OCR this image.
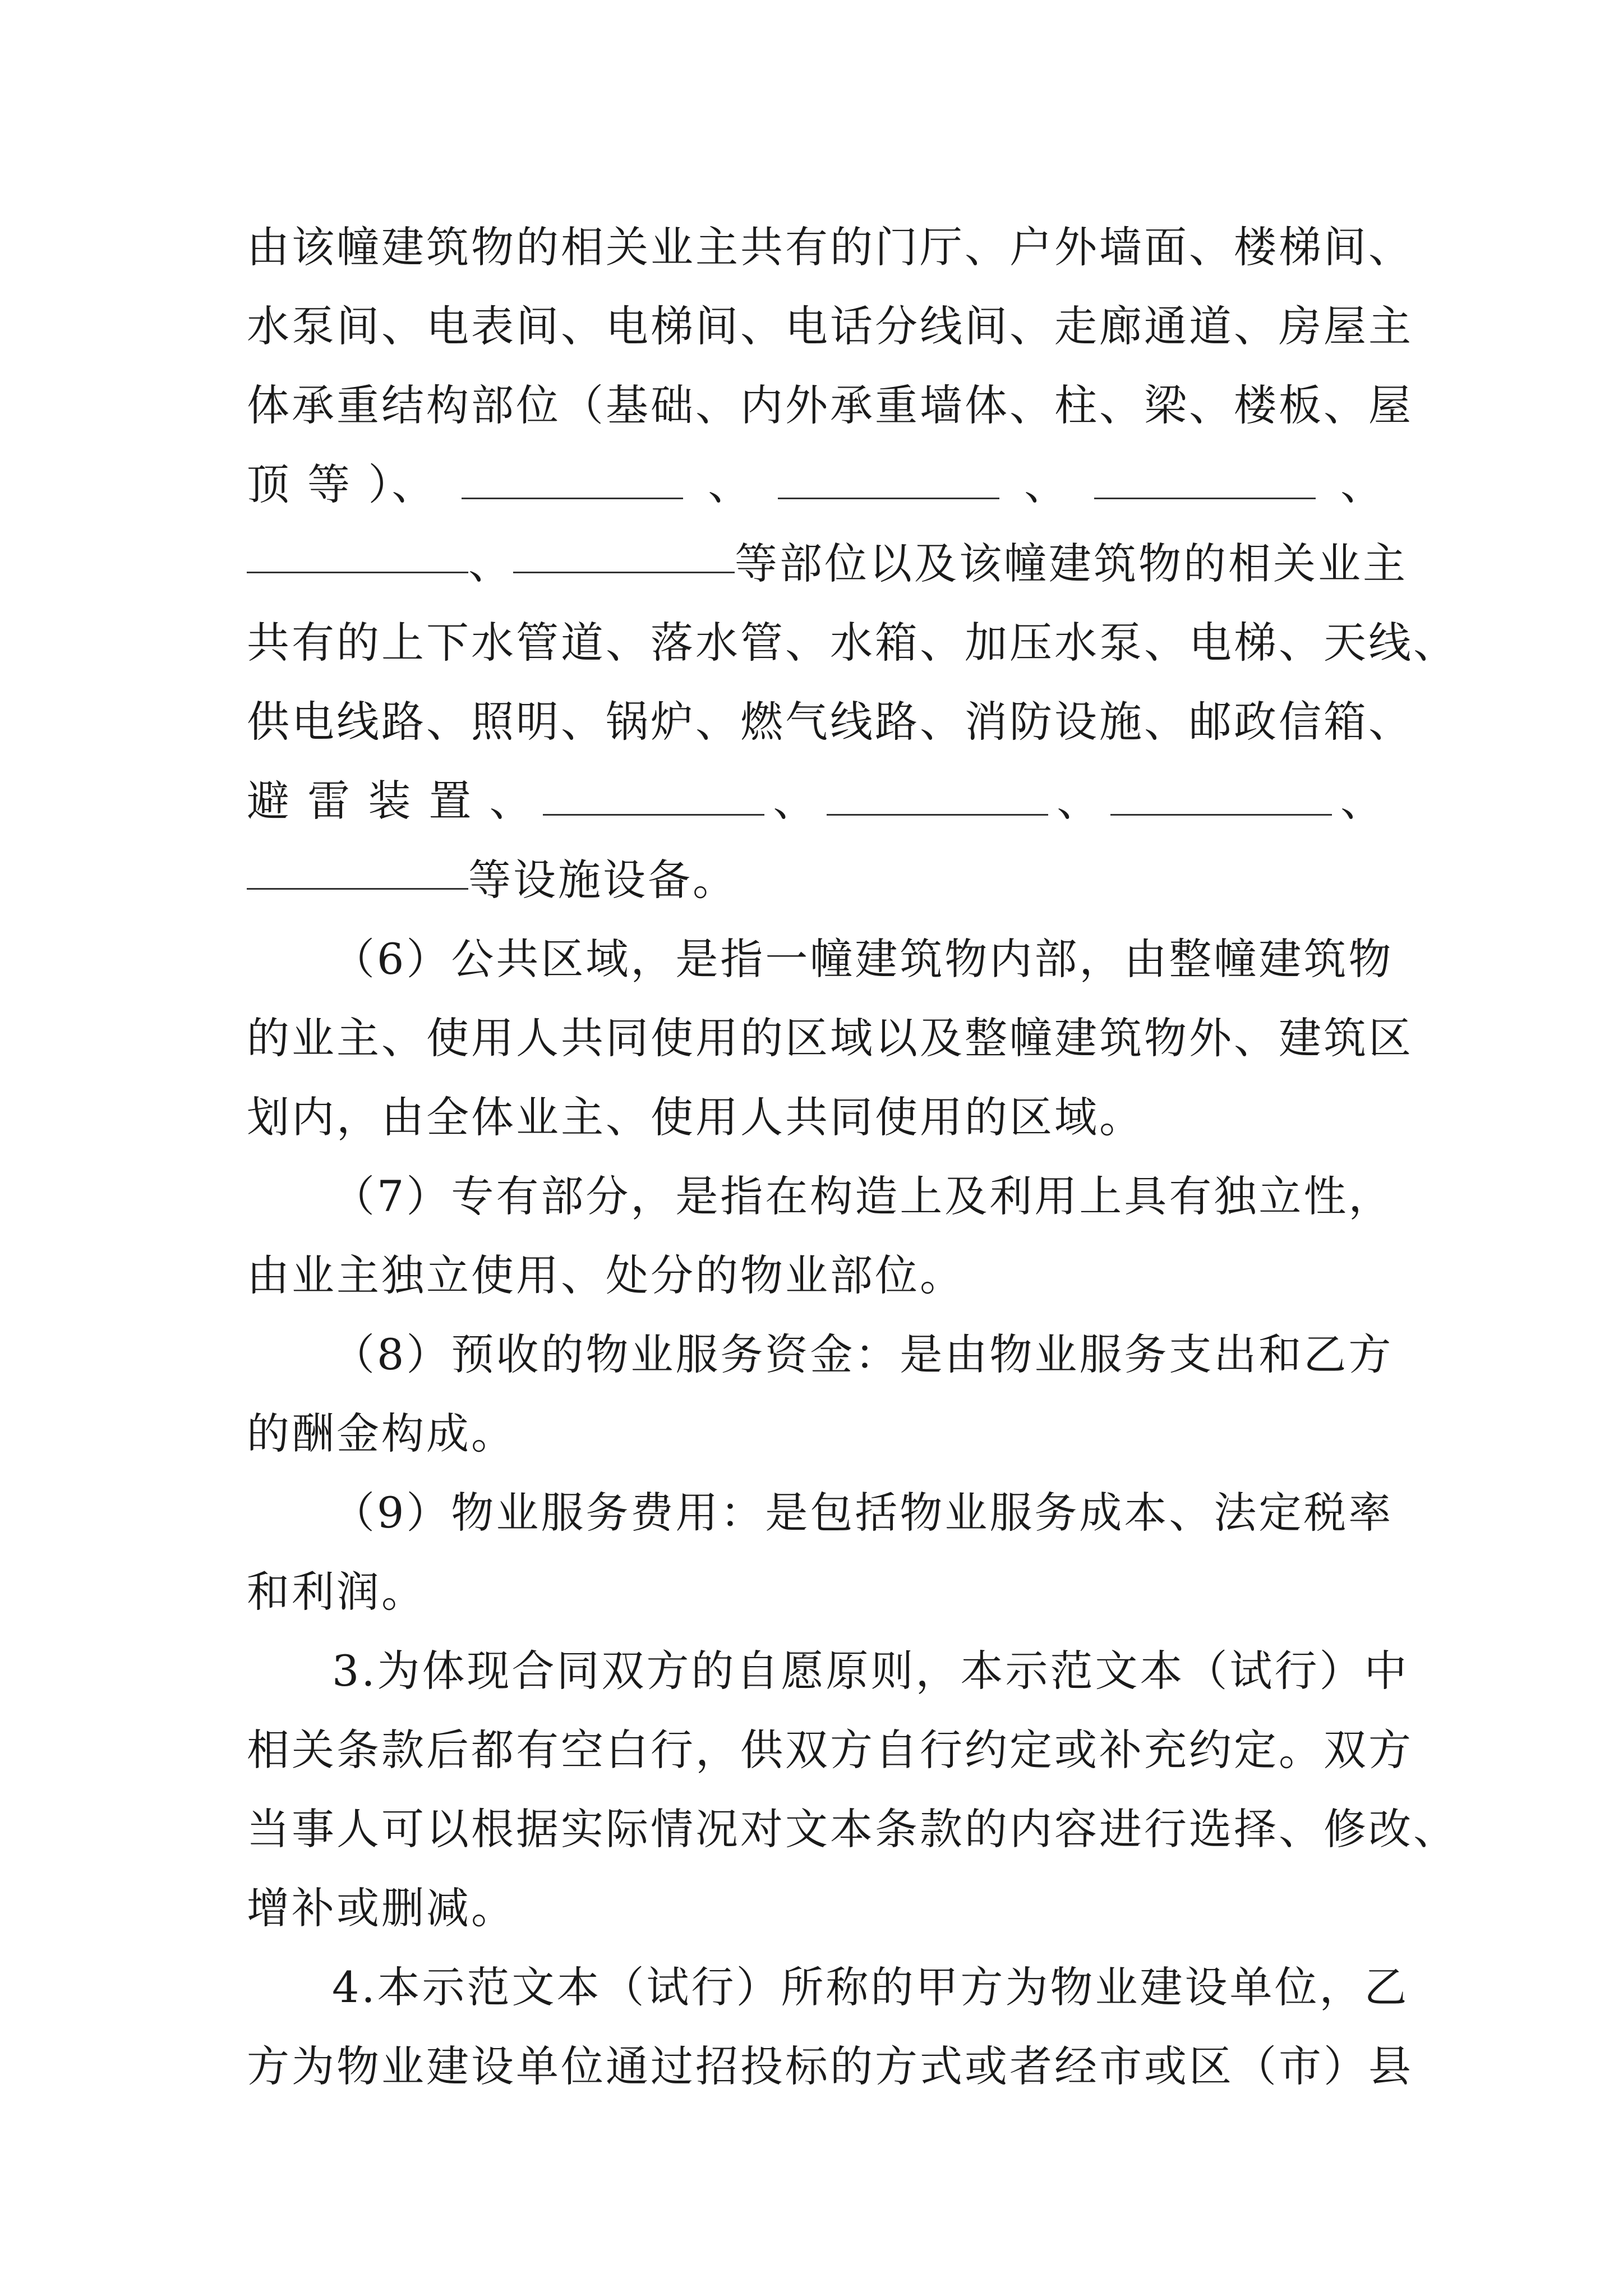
由该幢建筑物的相关业主共有的门厅、户外墙面、楼梯间、
水泵间、电表间、电梯间、电话分线间、走廊通道、房屋主
体承重结构部位（基础、内外承重墙体、柱、梁、楼板、屋
顶 等 ）、	、	、	、
、	等部位以及该幢建筑物的相关业主
共有的上下水管道、落水管、水箱、加压水泵、电梯、天线、
供电线路、照明、锅炉、燃气线路、消防设施、邮政信箱、
避 雷 装 置 、	、	、	、
等设施设备。
（6）公共区域，是指一幢建筑物内部，由整幢建筑物
的业主、使用人共同使用的区域以及整幢建筑物外、建筑区
划内，由全体业主、使用人共同使用的区域。
（7）专有部分，是指在构造上及利用上具有独立性，
由业主独立使用、处分的物业部位。
（8）预收的物业服务资金：是由物业服务支出和乙方
的酬金构成。
（9）物业服务费用：是包括物业服务成本、法定税率
和利润。
3.为体现合同双方的自愿原则，本示范文本（试行）中
相关条款后都有空白行，供双方自行约定或补充约定。双方
当事人可以根据实际情况对文本条款的内容进行选择、修改、
增补或删减。
4.本示范文本（试行）所称的甲方为物业建设单位，乙
方为物业建设单位通过招投标的方式或者经市或区（市）县
